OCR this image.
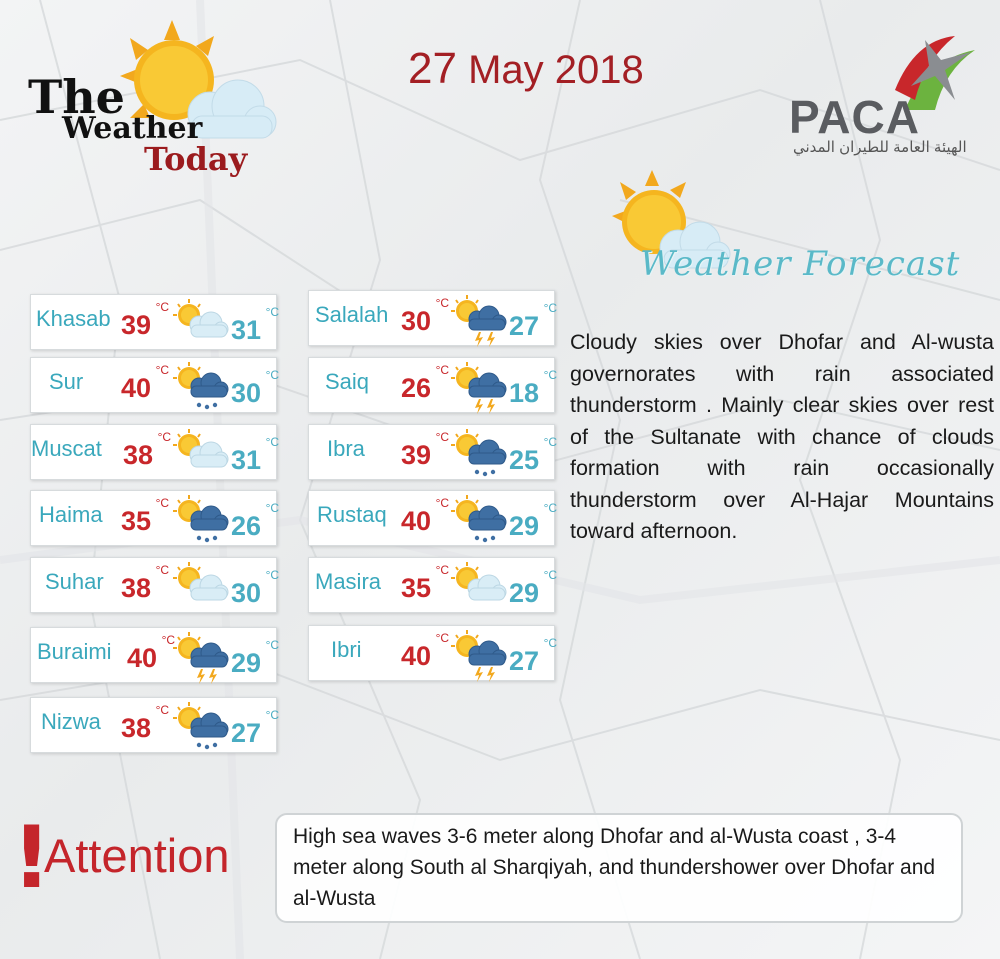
The
Weather
Today
27 May 2018
PACA
الهيئة العامة للطيران المدني
Weather Forecast
Cloudy skies over Dhofar and Al-wusta governorates with rain associated thunderstorm . Mainly clear skies over rest of the Sultanate with chance of clouds formation with rain occasionally thunderstorm over Al-Hajar Mountains toward afternoon.
Khasab 39
°C
31
°C
Sur 40
°C
30
°C
Muscat 38
°C
31
°C
Haima 35
°C
26
°C
Suhar 38
°C
30
°C
Buraimi 40
°C
29
°C
Nizwa 38
°C
27
°C
Salalah 30
°C
27
°C
Saiq 26
°C
18
°C
Ibra 39
°C
25
°C
Rustaq 40
°C
29
°C
Masira 35
°C
29
°C
Ibri 40
°C
27
°C
!
Attention	High sea waves 3-6 meter along Dhofar and al-Wusta coast , 3-4 meter along South al Sharqiyah, and thundershower over Dhofar and al-Wusta
